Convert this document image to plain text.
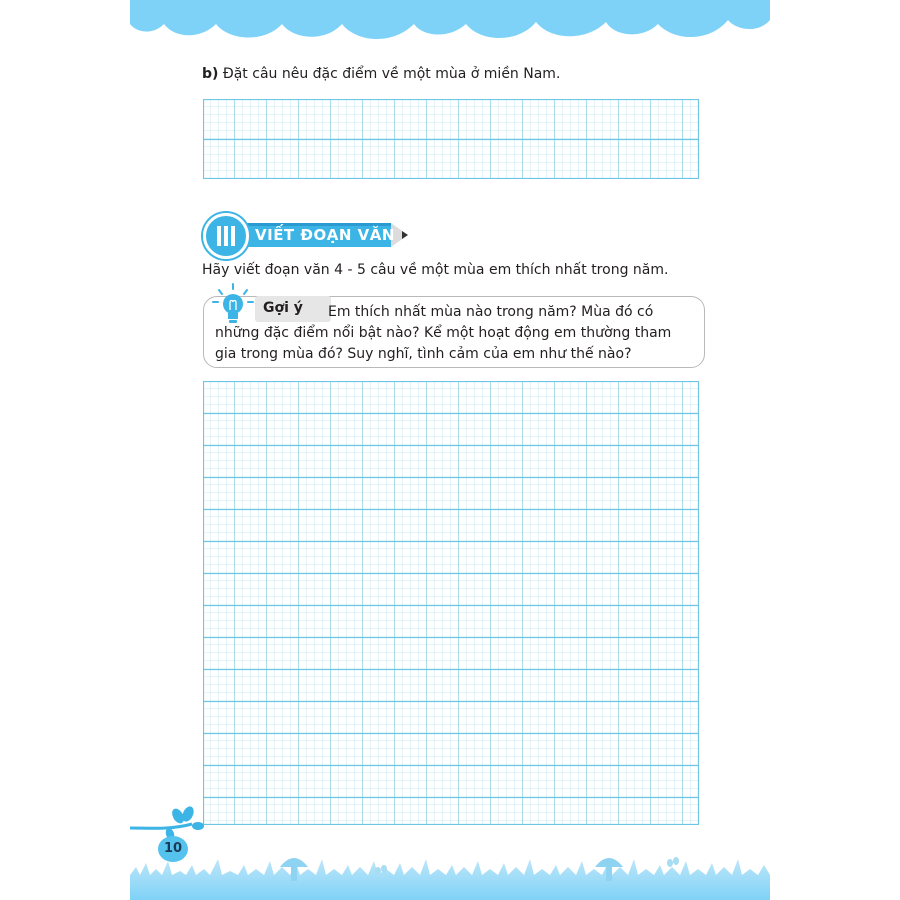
b) Đặt câu nêu đặc điểm về một mùa ở miền Nam.
VIẾT ĐOẠN VĂN
Hãy viết đoạn văn 4 - 5 câu về một mùa em thích nhất trong năm.
Gợi ý	Em thích nhất mùa nào trong năm? Mùa đó có những đặc điểm nổi bật nào? Kể một hoạt động em thường tham gia trong mùa đó? Suy nghĩ, tình cảm của em như thế nào?
10
